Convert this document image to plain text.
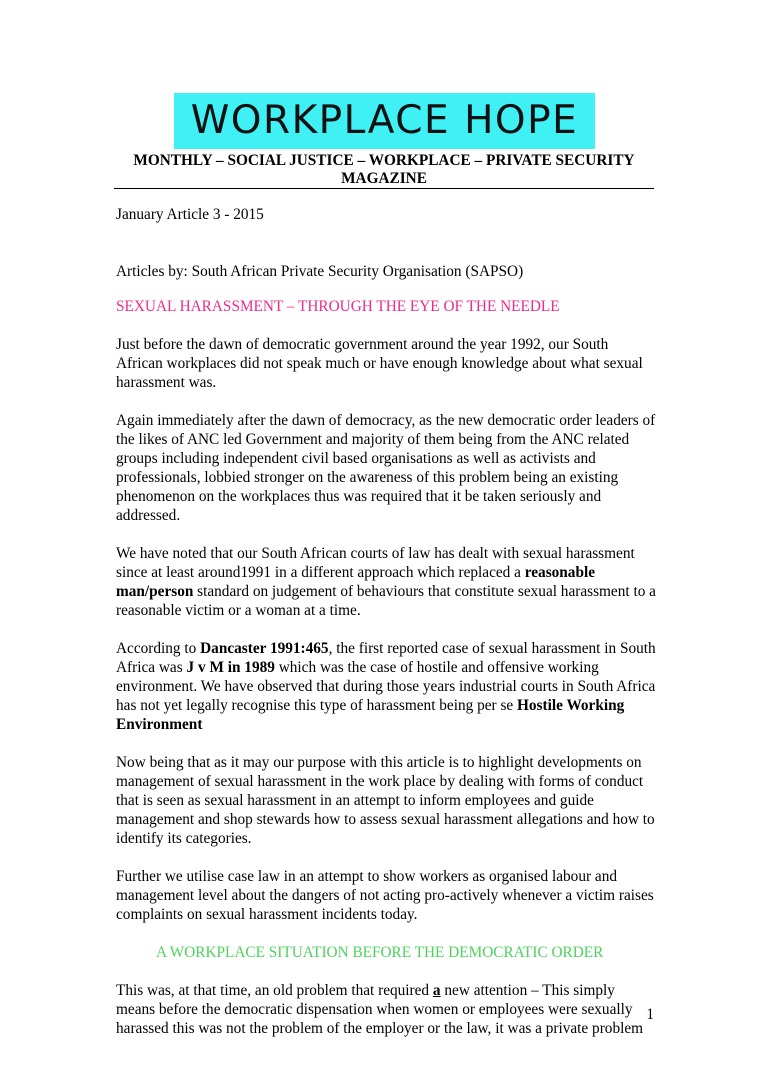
WORKPLACE HOPE
MONTHLY – SOCIAL JUSTICE – WORKPLACE – PRIVATE SECURITY MAGAZINE

January Article 3 - 2015

Articles by: South African Private Security Organisation (SAPSO)

SEXUAL HARASSMENT – THROUGH THE EYE OF THE NEEDLE

Just before the dawn of democratic government around the year 1992, our South African workplaces did not speak much or have enough knowledge about what sexual harassment was.

Again immediately after the dawn of democracy, as the new democratic order leaders of the likes of ANC led Government and majority of them being from the ANC related groups including independent civil based organisations as well as activists and professionals, lobbied stronger on the awareness of this problem being an existing phenomenon on the workplaces thus was required that it be taken seriously and addressed.

We have noted that our South African courts of law has dealt with sexual harassment since at least around1991 in a different approach which replaced a reasonable man/person standard on judgement of behaviours that constitute sexual harassment to a reasonable victim or a woman at a time.

According to Dancaster 1991:465, the first reported case of sexual harassment in South Africa was J v M in 1989 which was the case of hostile and offensive working environment. We have observed that during those years industrial courts in South Africa has not yet legally recognise this type of harassment being per se Hostile Working Environment

Now being that as it may our purpose with this article is to highlight developments on management of sexual harassment in the work place by dealing with forms of conduct that is seen as sexual harassment in an attempt to inform employees and guide management and shop stewards how to assess sexual harassment allegations and how to identify its categories.

Further we utilise case law in an attempt to show workers as organised labour and management level about the dangers of not acting pro-actively whenever a victim raises complaints on sexual harassment incidents today.

A WORKPLACE SITUATION BEFORE THE DEMOCRATIC ORDER

This was, at that time, an old problem that required a new attention – This simply means before the democratic dispensation when women or employees were sexually harassed this was not the problem of the employer or the law, it was a private problem

1
